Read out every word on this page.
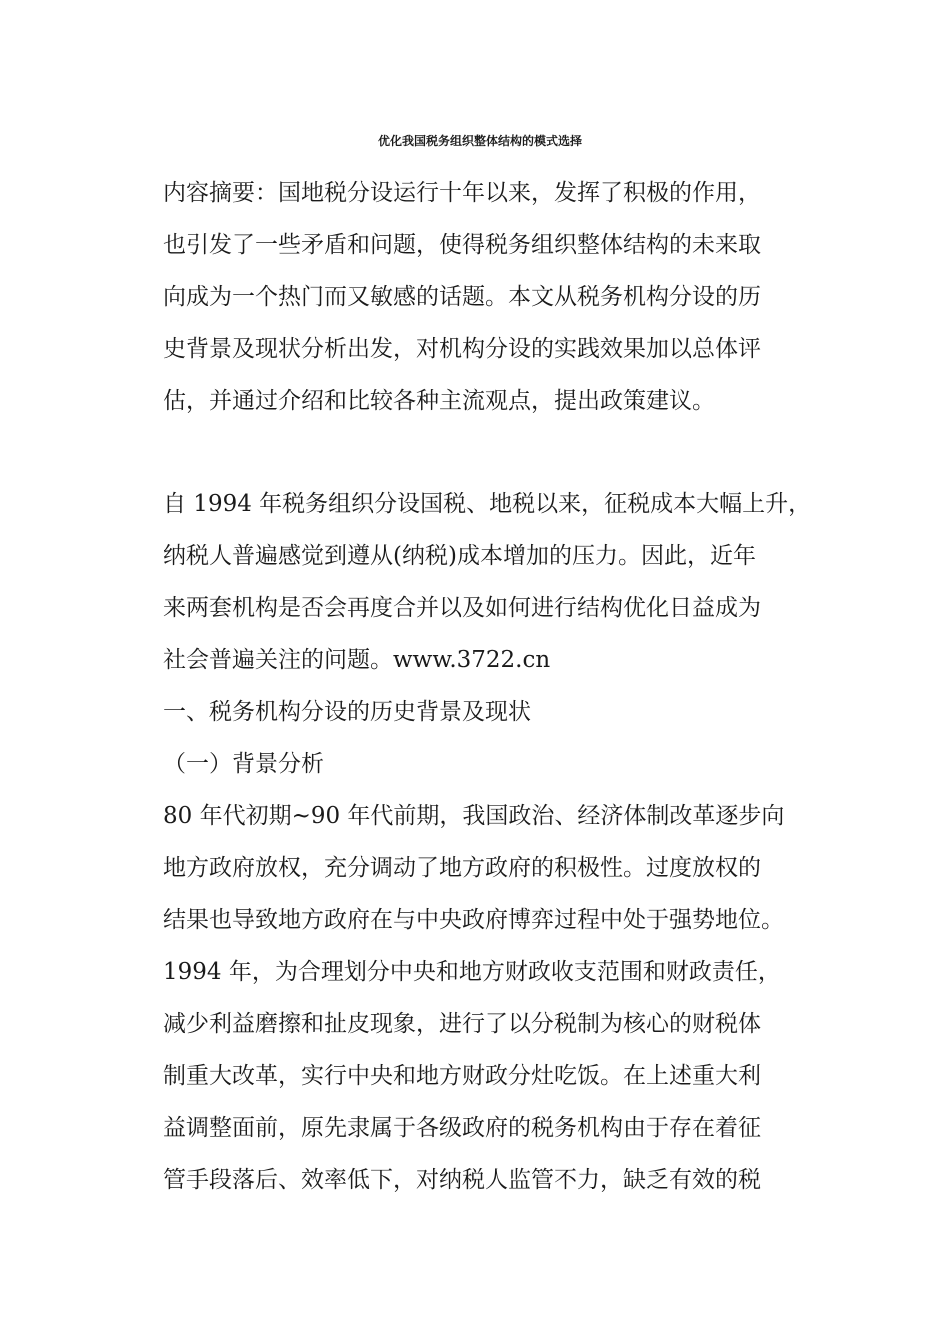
优化我国税务组织整体结构的模式选择
内容摘要：国地税分设运行十年以来，发挥了积极的作用，
也引发了一些矛盾和问题，使得税务组织整体结构的未来取
向成为一个热门而又敏感的话题。本文从税务机构分设的历
史背景及现状分析出发，对机构分设的实践效果加以总体评
估，并通过介绍和比较各种主流观点，提出政策建议。
自 1994 年税务组织分设国税、地税以来，征税成本大幅上升，
纳税人普遍感觉到遵从(纳税)成本增加的压力。因此，近年
来两套机构是否会再度合并以及如何进行结构优化日益成为
社会普遍关注的问题。www.3722.cn
一、税务机构分设的历史背景及现状
（一）背景分析
80 年代初期~90 年代前期，我国政治、经济体制改革逐步向
地方政府放权，充分调动了地方政府的积极性。过度放权的
结果也导致地方政府在与中央政府博弈过程中处于强势地位。
1994 年，为合理划分中央和地方财政收支范围和财政责任，
减少利益磨擦和扯皮现象，进行了以分税制为核心的财税体
制重大改革，实行中央和地方财政分灶吃饭。在上述重大利
益调整面前，原先隶属于各级政府的税务机构由于存在着征
管手段落后、效率低下，对纳税人监管不力，缺乏有效的税
